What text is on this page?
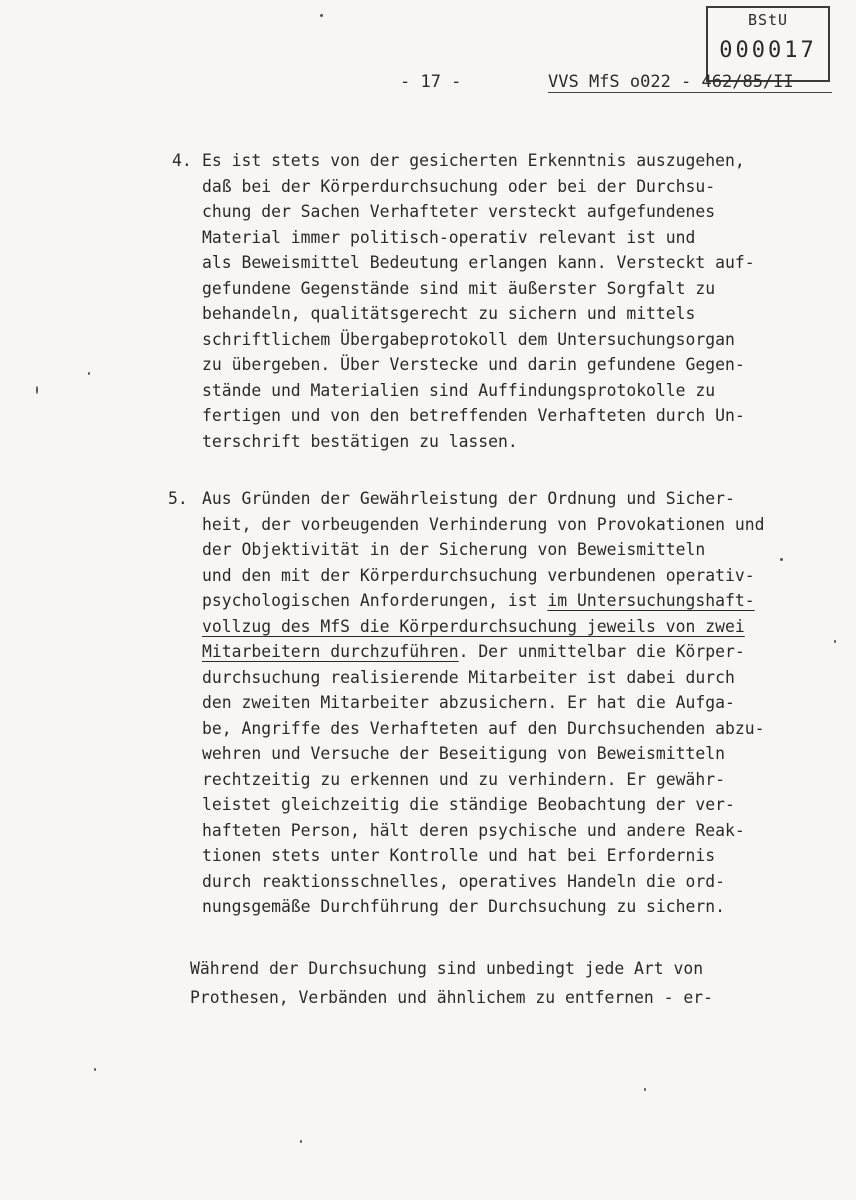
BStU
000017
- 17 -	VVS MfS o022 - 462/85/II
4. Es ist stets von der gesicherten Erkenntnis auszugehen,
daß bei der Körperdurchsuchung oder bei der Durchsu-
chung der Sachen Verhafteter versteckt aufgefundenes
Material immer politisch-operativ relevant ist und
als Beweismittel Bedeutung erlangen kann. Versteckt auf-
gefundene Gegenstände sind mit äußerster Sorgfalt zu
behandeln, qualitätsgerecht zu sichern und mittels
schriftlichem Übergabeprotokoll dem Untersuchungsorgan
zu übergeben. Über Verstecke und darin gefundene Gegen-
stände und Materialien sind Auffindungsprotokolle zu
fertigen und von den betreffenden Verhafteten durch Un-
terschrift bestätigen zu lassen.
5. Aus Gründen der Gewährleistung der Ordnung und Sicher-
heit, der vorbeugenden Verhinderung von Provokationen und
der Objektivität in der Sicherung von Beweismitteln
und den mit der Körperdurchsuchung verbundenen operativ-
psychologischen Anforderungen, ist im Untersuchungshaft-
vollzug des MfS die Körperdurchsuchung jeweils von zwei
Mitarbeitern durchzuführen. Der unmittelbar die Körper-
durchsuchung realisierende Mitarbeiter ist dabei durch
den zweiten Mitarbeiter abzusichern. Er hat die Aufga-
be, Angriffe des Verhafteten auf den Durchsuchenden abzu-
wehren und Versuche der Beseitigung von Beweismitteln
rechtzeitig zu erkennen und zu verhindern. Er gewähr-
leistet gleichzeitig die ständige Beobachtung der ver-
hafteten Person, hält deren psychische und andere Reak-
tionen stets unter Kontrolle und hat bei Erfordernis
durch reaktionsschnelles, operatives Handeln die ord-
nungsgemäße Durchführung der Durchsuchung zu sichern.
Während der Durchsuchung sind unbedingt jede Art von
Prothesen, Verbänden und ähnlichem zu entfernen - er-
